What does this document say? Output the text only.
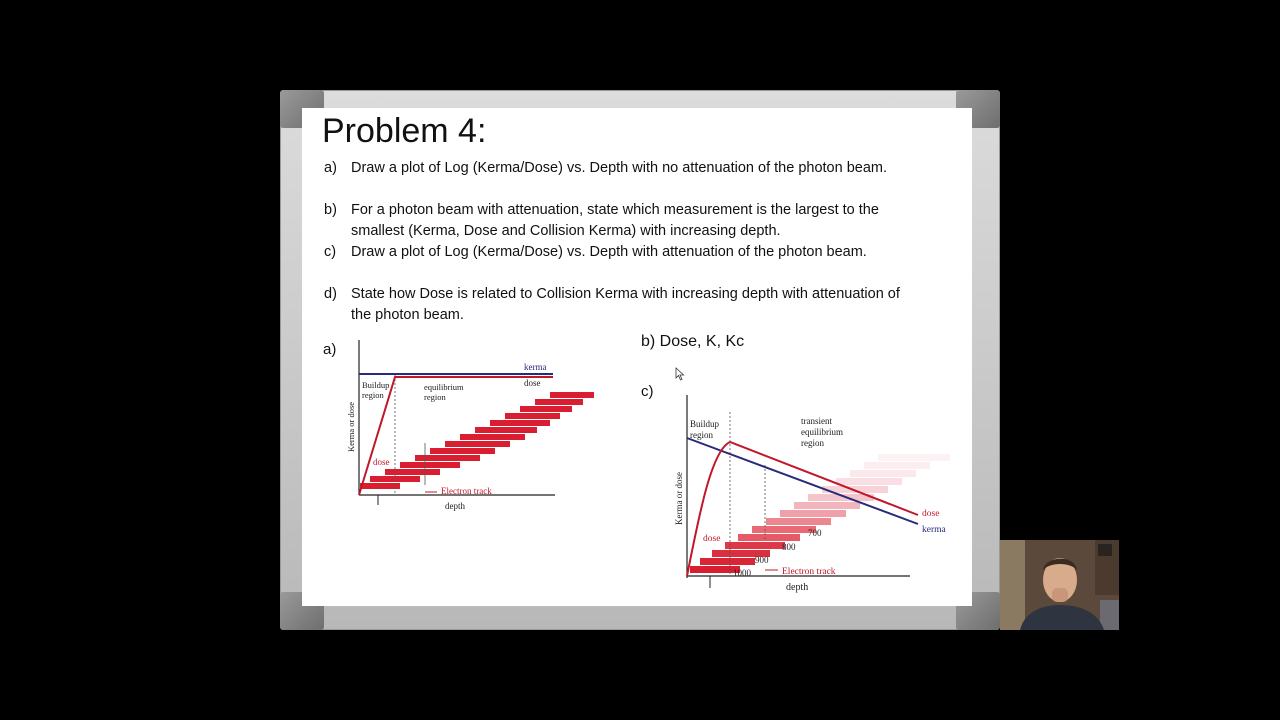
Problem 4:
a) Draw a plot of Log (Kerma/Dose) vs. Depth with no attenuation of the photon beam.
b) For a photon beam with attenuation, state which measurement is the largest to the smallest (Kerma, Dose and Collision Kerma) with increasing depth.
c) Draw a plot of Log (Kerma/Dose) vs. Depth with attenuation of the photon beam.
d) State how Dose is related to Collision Kerma with increasing depth with attenuation of the photon beam.
a)	b) Dose, K, Kc
c)
kerma
dose
Buildup
region
equilibrium
region
dose
Electron track
depth
Kerma or dose	Buildup
region
transient
equilibrium
region
dose
kerma
dose
Electron track
700
800
900
1000
depth
Kerma or dose
